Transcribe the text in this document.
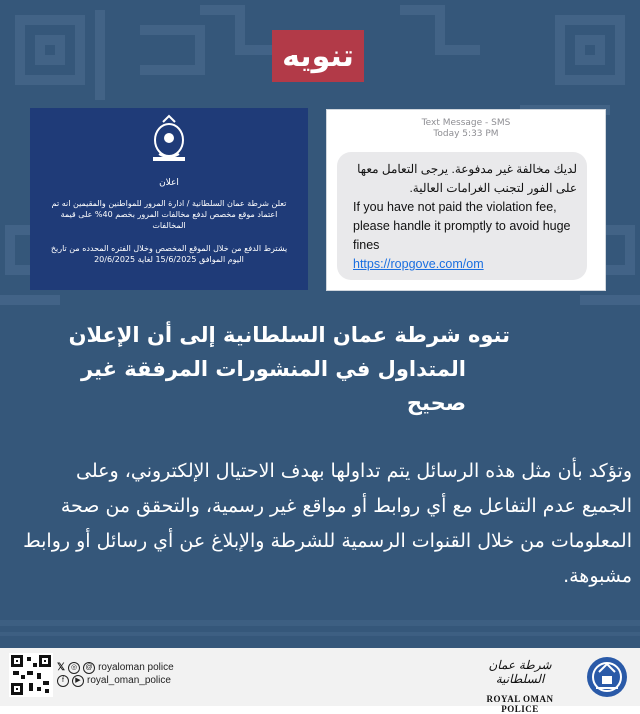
تنويه
اعلان
تعلن شرطة عمان السلطانية / ادارة المرور للمواطنين والمقيمين انه تم اعتماد موقع مخصص لدفع مخالفات المرور بخصم 40% على قيمة المخالفات
يشترط الدفع من خلال الموقع المخصص وخلال الفتره المحدده من تاريخ اليوم الموافق 15/6/2025 لغاية 20/6/2025
Text Message - SMS
Today 5:33 PM
لديك مخالفة غير مدفوعة. يرجى التعامل معها على الفور لتجنب الغرامات العالية.
If you have not paid the violation fee, please handle it promptly to avoid huge fines
https://ropgove.com/om
تنوه شرطة عمان السلطانية إلى أن الإعلان
المتداول في المنشورات المرفقة غير صحيح
وتؤكد بأن مثل هذه الرسائل يتم تداولها بهدف الاحتيال الإلكتروني، وعلى الجميع عدم التفاعل مع أي روابط أو مواقع غير رسمية، والتحقق من صحة المعلومات من خلال القنوات الرسمية للشرطة والإبلاغ عن أي رسائل أو روابط مشبوهة.
𝕏 ◎	@ royaloman police
f	▶ royal_oman_police
شرطة عمان السلطانية
ROYAL OMAN POLICE
